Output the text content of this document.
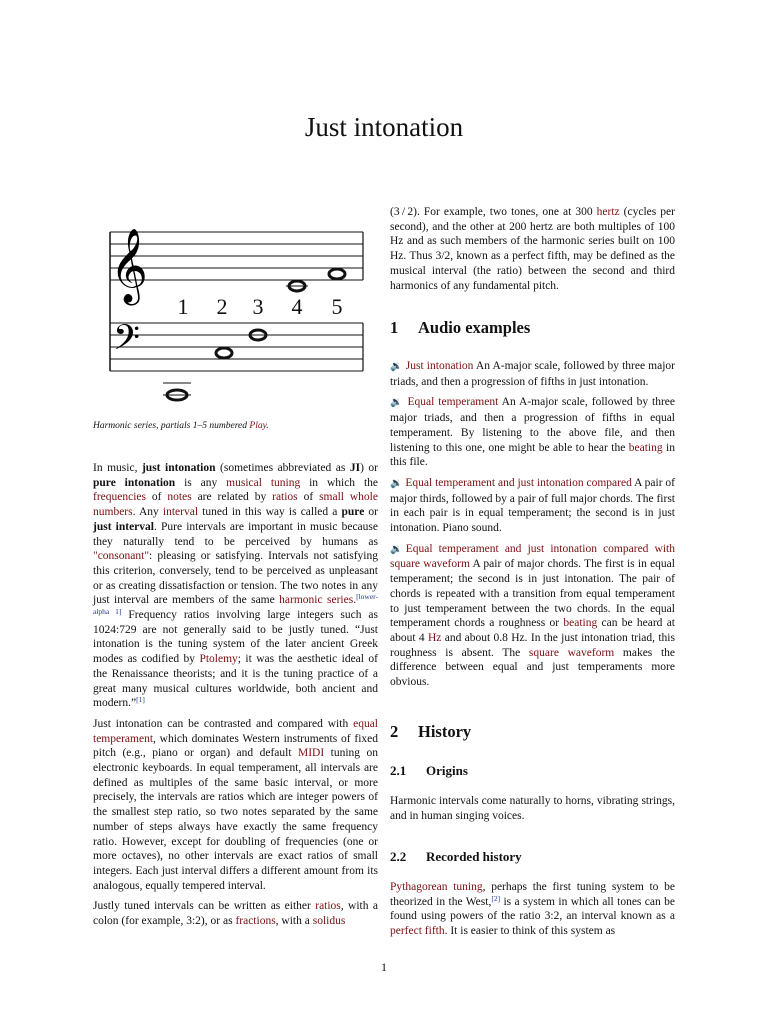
Just intonation
𝄞
𝄢
1 2 3 4 5
Harmonic series, partials 1–5 numbered Play.

In music, just intonation (sometimes abbreviated as JI) or pure intonation is any musical tuning in which the frequencies of notes are related by ratios of small whole numbers. Any interval tuned in this way is called a pure or just interval. Pure intervals are important in music because they naturally tend to be perceived by humans as "consonant": pleasing or satisfying. Intervals not satisfying this criterion, conversely, tend to be perceived as unpleasant or as creating dissatisfaction or tension. The two notes in any just interval are members of the same harmonic series.[lower-alpha 1] Frequency ratios involving large integers such as 1024:729 are not generally said to be justly tuned. “Just intonation is the tuning system of the later ancient Greek modes as codified by Ptolemy; it was the aesthetic ideal of the Renaissance theorists; and it is the tuning practice of a great many musical cultures worldwide, both ancient and modern.”[1]

Just intonation can be contrasted and compared with equal temperament, which dominates Western instruments of fixed pitch (e.g., piano or organ) and default MIDI tuning on electronic keyboards. In equal temperament, all intervals are defined as multiples of the same basic interval, or more precisely, the intervals are ratios which are integer powers of the smallest step ratio, so two notes separated by the same number of steps always have exactly the same frequency ratio. However, except for doubling of frequencies (one or more octaves), no other intervals are exact ratios of small integers. Each just interval differs a different amount from its analogous, equally tempered interval.

Justly tuned intervals can be written as either ratios, with a colon (for example, 3:2), or as fractions, with a solidus

(3 / 2). For example, two tones, one at 300 hertz (cycles per second), and the other at 200 hertz are both multiples of 100 Hz and as such members of the harmonic series built on 100 Hz. Thus 3/2, known as a perfect fifth, may be defined as the musical interval (the ratio) between the second and third harmonics of any fundamental pitch.

1 Audio examples

🔉 Just intonation An A-major scale, followed by three major triads, and then a progression of fifths in just intonation.

🔉 Equal temperament An A-major scale, followed by three major triads, and then a progression of fifths in equal temperament. By listening to the above file, and then listening to this one, one might be able to hear the beating in this file.

🔉 Equal temperament and just intonation compared A pair of major thirds, followed by a pair of full major chords. The first in each pair is in equal temperament; the second is in just intonation. Piano sound.

🔉Equal temperament and just intonation compared with square waveform A pair of major chords. The first is in equal temperament; the second is in just intonation. The pair of chords is repeated with a transition from equal temperament to just temperament between the two chords. In the equal temperament chords a roughness or beating can be heard at about 4 Hz and about 0.8 Hz. In the just intonation triad, this roughness is absent. The square waveform makes the difference between equal and just temperaments more obvious.

2 History
2.1 Origins

Harmonic intervals come naturally to horns, vibrating strings, and in human singing voices.

2.2 Recorded history

Pythagorean tuning, perhaps the first tuning system to be theorized in the West,[2] is a system in which all tones can be found using powers of the ratio 3:2, an interval known as a perfect fifth. It is easier to think of this system as

1
